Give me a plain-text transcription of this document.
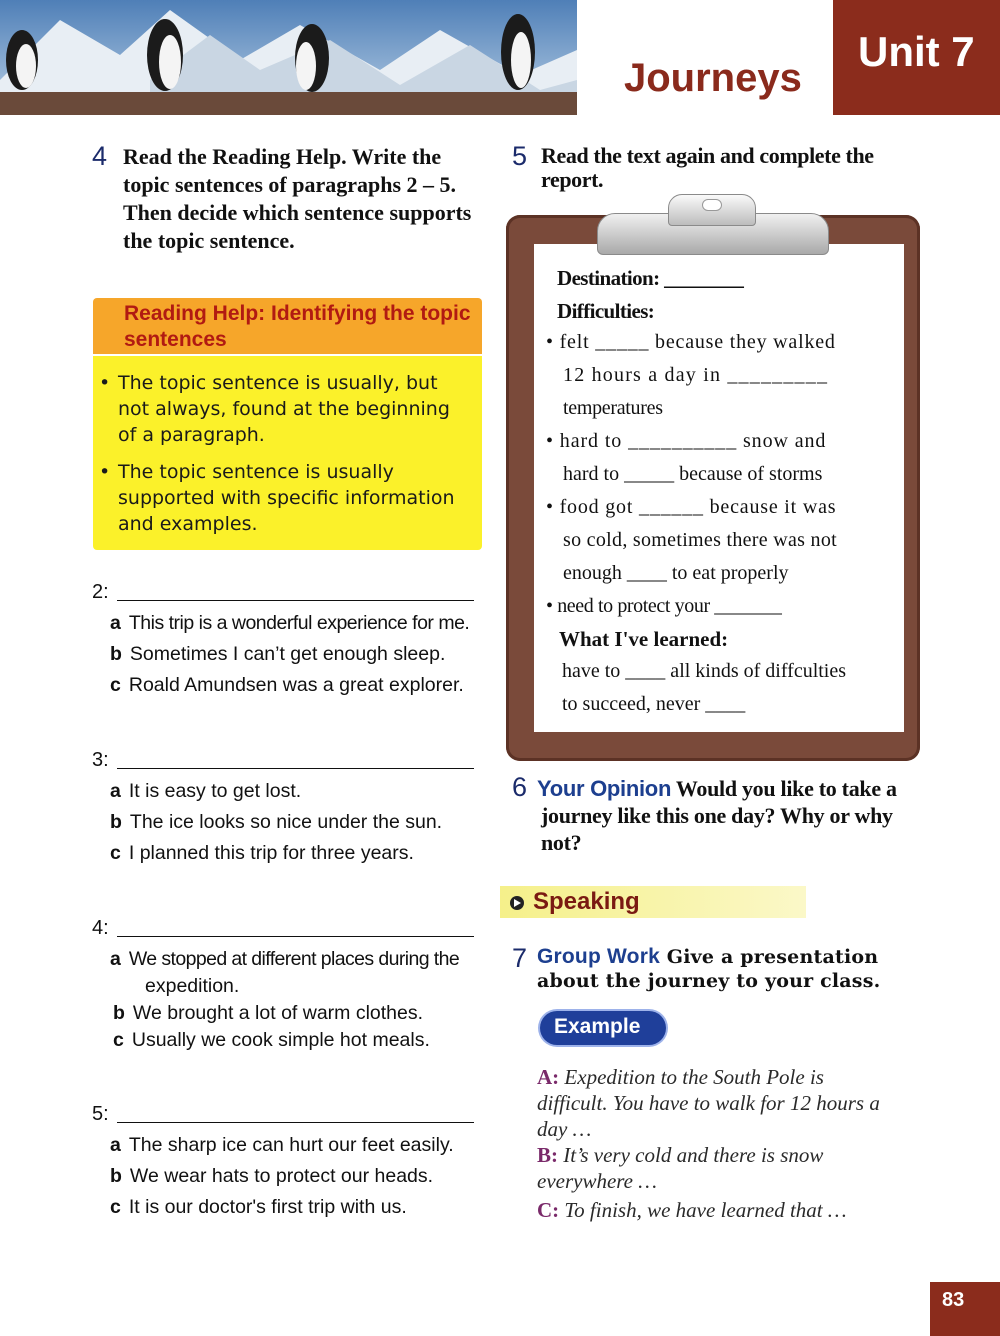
Journeys
Unit 7
4 Read the Reading Help. Write the topic sentences of paragraphs 2 – 5. Then decide which sentence supports the topic sentence.
Reading Help: Identifying the topic sentences
• The topic sentence is usually, but not always, found at the beginning of a paragraph.
• The topic sentence is usually supported with specific information and examples.
2:
a This trip is a wonderful experience for me.
b Sometimes I can’t get enough sleep.
c Roald Amundsen was a great explorer.
3:
a It is easy to get lost.
b The ice looks so nice under the sun.
c I planned this trip for three years.
4:
a We stopped at different places during the
expedition.
b We brought a lot of warm clothes.
c Usually we cook simple hot meals.
5:
a The sharp ice can hurt our feet easily.
b We wear hats to protect our heads.
c It is our doctor's first trip with us.
5 Read the text again and complete the report.
Destination: ________
Difficulties:
• felt _____ because they walked
12 hours a day in _________
temperatures
• hard to __________ snow and
hard to _____ because of storms
• food got ______ because it was
so cold, sometimes there was not
enough ____ to eat properly
• need to protect your _______
What I've learned:
have to ____ all kinds of diffculties
to succeed, never ____
6 Your Opinion Would you like to take a journey like this one day? Why or why not?
Speaking
7 Group Work Give a presentation about the journey to your class.
Example
A: Expedition to the South Pole is difficult. You have to walk for 12 hours a day …
B: It’s very cold and there is snow everywhere …
C: To finish, we have learned that …
83
